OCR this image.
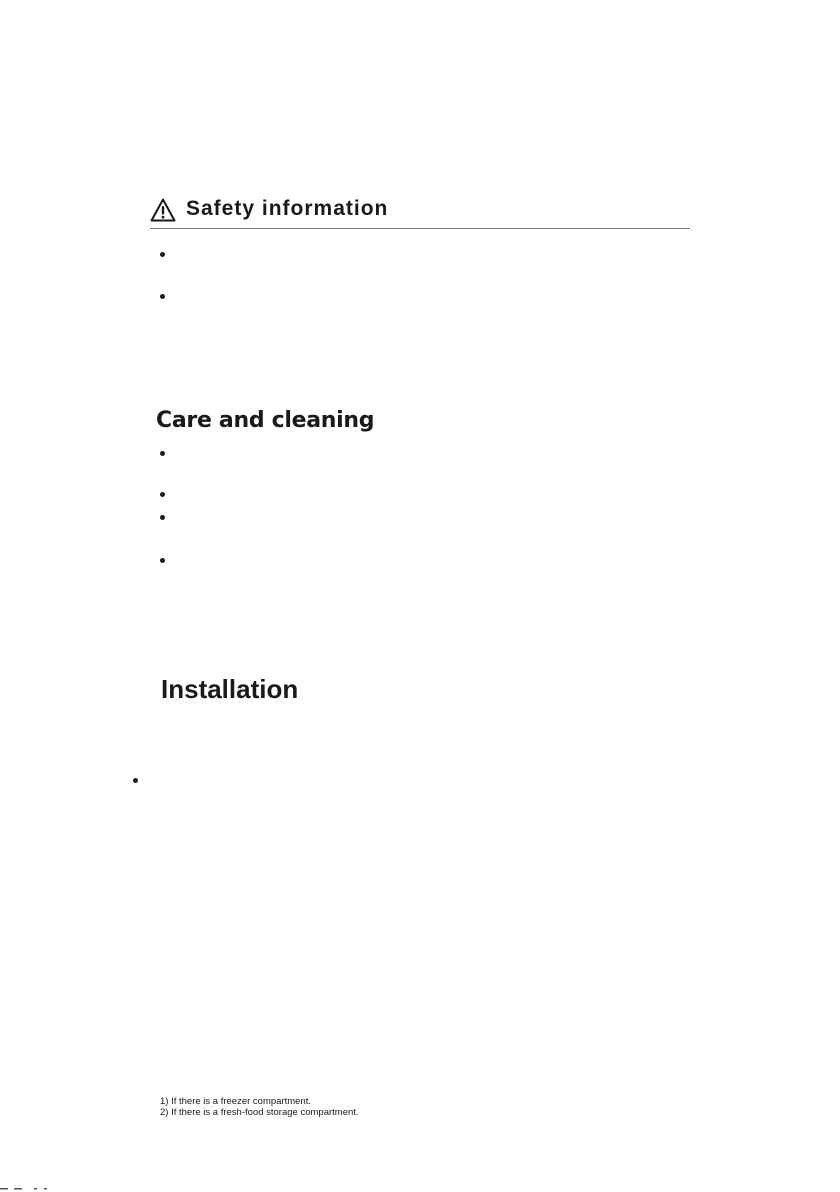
Safety information
Care and cleaning
Installation
1) If there is a freezer compartment.
2) If there is a fresh-food storage compartment.
